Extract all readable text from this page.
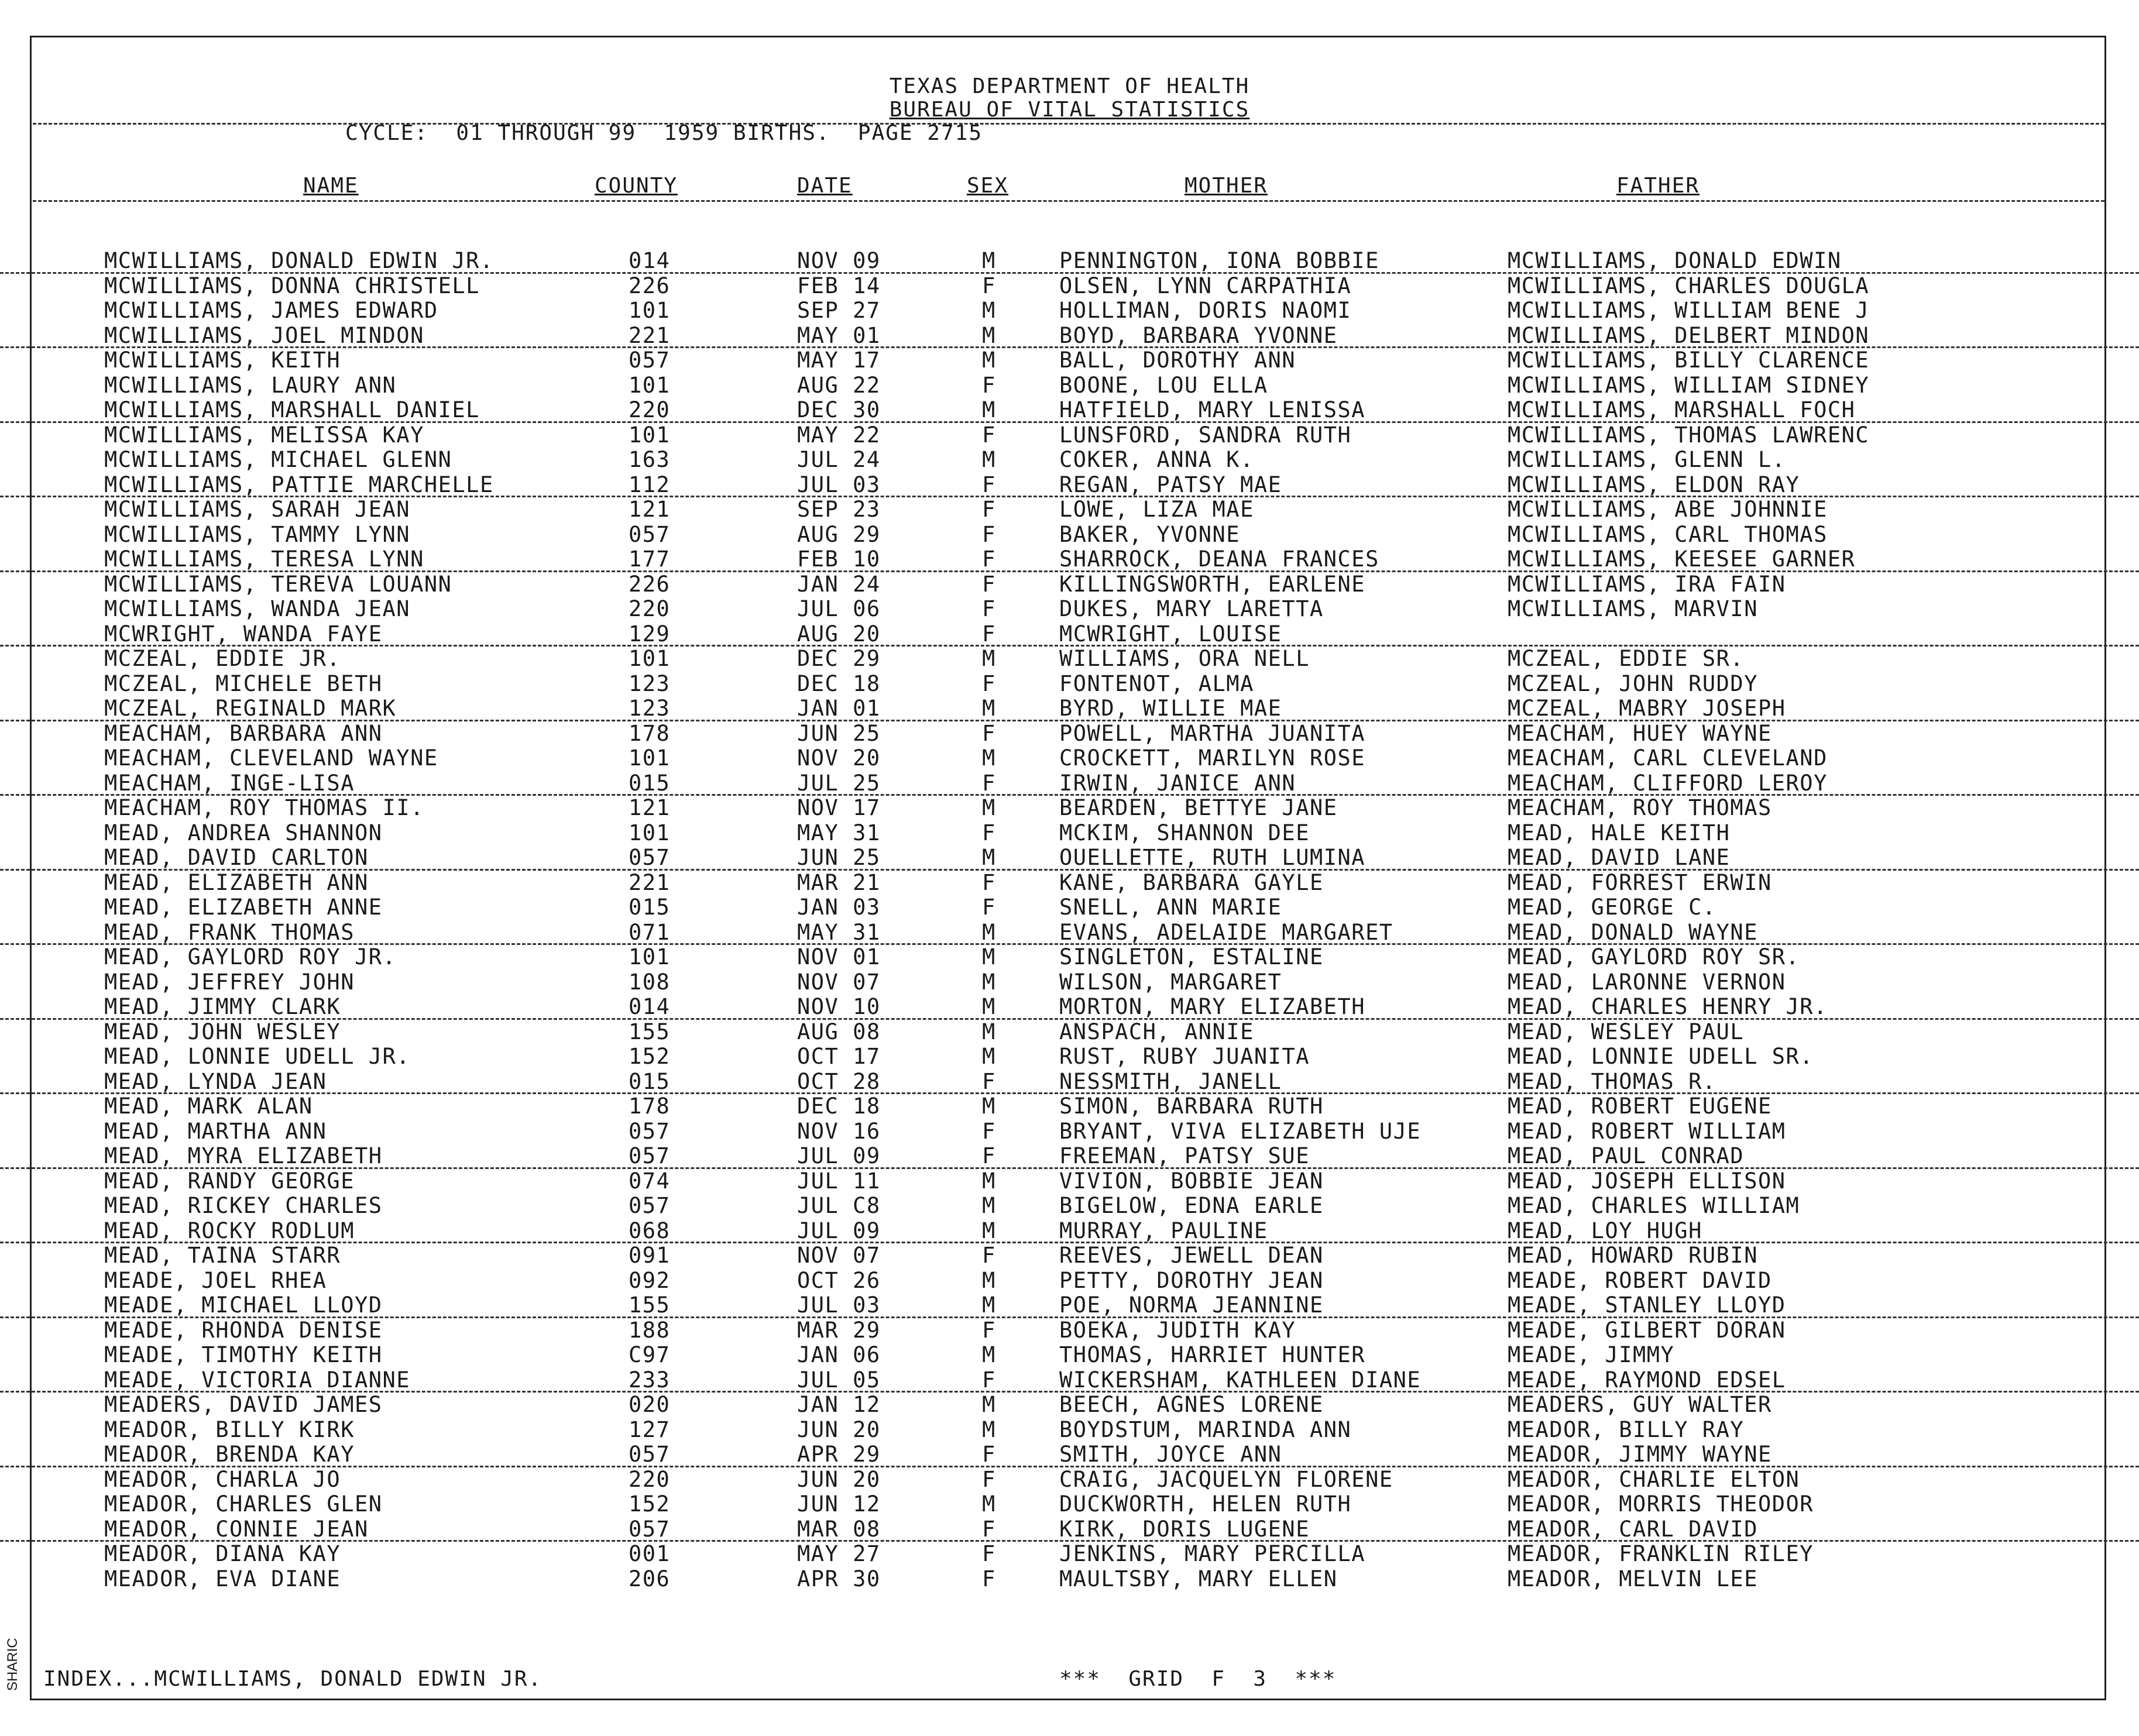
TEXAS DEPARTMENT OF HEALTH
BUREAU OF VITAL STATISTICS
CYCLE:  01 THROUGH 99  1959 BIRTHS.  PAGE 2715
NAME	COUNTY	DATE	SEX	MOTHER	FATHER
MCWILLIAMS, DONALD EDWIN JR.	014	NOV 09	M	PENNINGTON, IONA BOBBIE	MCWILLIAMS, DONALD EDWIN
MCWILLIAMS, DONNA CHRISTELL	226	FEB 14	F	OLSEN, LYNN CARPATHIA	MCWILLIAMS, CHARLES DOUGLA
MCWILLIAMS, JAMES EDWARD	101	SEP 27	M	HOLLIMAN, DORIS NAOMI	MCWILLIAMS, WILLIAM BENE J
MCWILLIAMS, JOEL MINDON	221	MAY 01	M	BOYD, BARBARA YVONNE	MCWILLIAMS, DELBERT MINDON
MCWILLIAMS, KEITH	057	MAY 17	M	BALL, DOROTHY ANN	MCWILLIAMS, BILLY CLARENCE
MCWILLIAMS, LAURY ANN	101	AUG 22	F	BOONE, LOU ELLA	MCWILLIAMS, WILLIAM SIDNEY
MCWILLIAMS, MARSHALL DANIEL	220	DEC 30	M	HATFIELD, MARY LENISSA	MCWILLIAMS, MARSHALL FOCH
MCWILLIAMS, MELISSA KAY	101	MAY 22	F	LUNSFORD, SANDRA RUTH	MCWILLIAMS, THOMAS LAWRENC
MCWILLIAMS, MICHAEL GLENN	163	JUL 24	M	COKER, ANNA K.	MCWILLIAMS, GLENN L.
MCWILLIAMS, PATTIE MARCHELLE	112	JUL 03	F	REGAN, PATSY MAE	MCWILLIAMS, ELDON RAY
MCWILLIAMS, SARAH JEAN	121	SEP 23	F	LOWE, LIZA MAE	MCWILLIAMS, ABE JOHNNIE
MCWILLIAMS, TAMMY LYNN	057	AUG 29	F	BAKER, YVONNE	MCWILLIAMS, CARL THOMAS
MCWILLIAMS, TERESA LYNN	177	FEB 10	F	SHARROCK, DEANA FRANCES	MCWILLIAMS, KEESEE GARNER
MCWILLIAMS, TEREVA LOUANN	226	JAN 24	F	KILLINGSWORTH, EARLENE	MCWILLIAMS, IRA FAIN
MCWILLIAMS, WANDA JEAN	220	JUL 06	F	DUKES, MARY LARETTA	MCWILLIAMS, MARVIN
MCWRIGHT, WANDA FAYE	129	AUG 20	F	MCWRIGHT, LOUISE
MCZEAL, EDDIE JR.	101	DEC 29	M	WILLIAMS, ORA NELL	MCZEAL, EDDIE SR.
MCZEAL, MICHELE BETH	123	DEC 18	F	FONTENOT, ALMA	MCZEAL, JOHN RUDDY
MCZEAL, REGINALD MARK	123	JAN 01	M	BYRD, WILLIE MAE	MCZEAL, MABRY JOSEPH
MEACHAM, BARBARA ANN	178	JUN 25	F	POWELL, MARTHA JUANITA	MEACHAM, HUEY WAYNE
MEACHAM, CLEVELAND WAYNE	101	NOV 20	M	CROCKETT, MARILYN ROSE	MEACHAM, CARL CLEVELAND
MEACHAM, INGE-LISA	015	JUL 25	F	IRWIN, JANICE ANN	MEACHAM, CLIFFORD LEROY
MEACHAM, ROY THOMAS II.	121	NOV 17	M	BEARDEN, BETTYE JANE	MEACHAM, ROY THOMAS
MEAD, ANDREA SHANNON	101	MAY 31	F	MCKIM, SHANNON DEE	MEAD, HALE KEITH
MEAD, DAVID CARLTON	057	JUN 25	M	OUELLETTE, RUTH LUMINA	MEAD, DAVID LANE
MEAD, ELIZABETH ANN	221	MAR 21	F	KANE, BARBARA GAYLE	MEAD, FORREST ERWIN
MEAD, ELIZABETH ANNE	015	JAN 03	F	SNELL, ANN MARIE	MEAD, GEORGE C.
MEAD, FRANK THOMAS	071	MAY 31	M	EVANS, ADELAIDE MARGARET	MEAD, DONALD WAYNE
MEAD, GAYLORD ROY JR.	101	NOV 01	M	SINGLETON, ESTALINE	MEAD, GAYLORD ROY SR.
MEAD, JEFFREY JOHN	108	NOV 07	M	WILSON, MARGARET	MEAD, LARONNE VERNON
MEAD, JIMMY CLARK	014	NOV 10	M	MORTON, MARY ELIZABETH	MEAD, CHARLES HENRY JR.
MEAD, JOHN WESLEY	155	AUG 08	M	ANSPACH, ANNIE	MEAD, WESLEY PAUL
MEAD, LONNIE UDELL JR.	152	OCT 17	M	RUST, RUBY JUANITA	MEAD, LONNIE UDELL SR.
MEAD, LYNDA JEAN	015	OCT 28	F	NESSMITH, JANELL	MEAD, THOMAS R.
MEAD, MARK ALAN	178	DEC 18	M	SIMON, BARBARA RUTH	MEAD, ROBERT EUGENE
MEAD, MARTHA ANN	057	NOV 16	F	BRYANT, VIVA ELIZABETH UJE	MEAD, ROBERT WILLIAM
MEAD, MYRA ELIZABETH	057	JUL 09	F	FREEMAN, PATSY SUE	MEAD, PAUL CONRAD
MEAD, RANDY GEORGE	074	JUL 11	M	VIVION, BOBBIE JEAN	MEAD, JOSEPH ELLISON
MEAD, RICKEY CHARLES	057	JUL C8	M	BIGELOW, EDNA EARLE	MEAD, CHARLES WILLIAM
MEAD, ROCKY RODLUM	068	JUL 09	M	MURRAY, PAULINE	MEAD, LOY HUGH
MEAD, TAINA STARR	091	NOV 07	F	REEVES, JEWELL DEAN	MEAD, HOWARD RUBIN
MEADE, JOEL RHEA	092	OCT 26	M	PETTY, DOROTHY JEAN	MEADE, ROBERT DAVID
MEADE, MICHAEL LLOYD	155	JUL 03	M	POE, NORMA JEANNINE	MEADE, STANLEY LLOYD
MEADE, RHONDA DENISE	188	MAR 29	F	BOEKA, JUDITH KAY	MEADE, GILBERT DORAN
MEADE, TIMOTHY KEITH	C97	JAN 06	M	THOMAS, HARRIET HUNTER	MEADE, JIMMY
MEADE, VICTORIA DIANNE	233	JUL 05	F	WICKERSHAM, KATHLEEN DIANE	MEADE, RAYMOND EDSEL
MEADERS, DAVID JAMES	020	JAN 12	M	BEECH, AGNES LORENE	MEADERS, GUY WALTER
MEADOR, BILLY KIRK	127	JUN 20	M	BOYDSTUM, MARINDA ANN	MEADOR, BILLY RAY
MEADOR, BRENDA KAY	057	APR 29	F	SMITH, JOYCE ANN	MEADOR, JIMMY WAYNE
MEADOR, CHARLA JO	220	JUN 20	F	CRAIG, JACQUELYN FLORENE	MEADOR, CHARLIE ELTON
MEADOR, CHARLES GLEN	152	JUN 12	M	DUCKWORTH, HELEN RUTH	MEADOR, MORRIS THEODOR
MEADOR, CONNIE JEAN	057	MAR 08	F	KIRK, DORIS LUGENE	MEADOR, CARL DAVID
MEADOR, DIANA KAY	001	MAY 27	F	JENKINS, MARY PERCILLA	MEADOR, FRANKLIN RILEY
MEADOR, EVA DIANE	206	APR 30	F	MAULTSBY, MARY ELLEN	MEADOR, MELVIN LEE
INDEX...MCWILLIAMS, DONALD EDWIN JR.	***  GRID  F  3  ***
SHARIC
